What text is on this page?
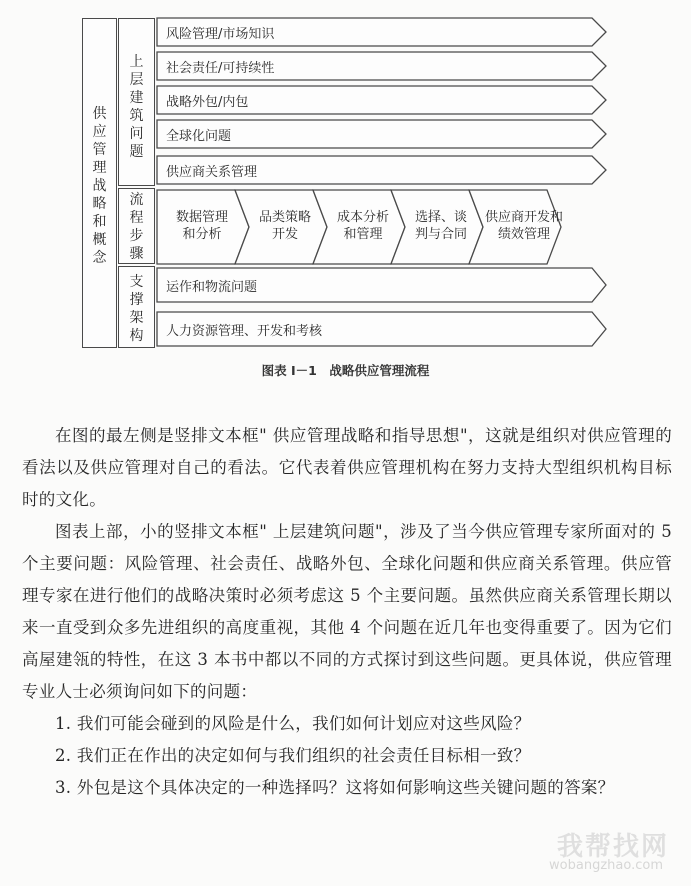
供
应
管
理
战
略
和
概
念
上
层
建
筑
问
题
流
程
步
骤
支
撑
架
构
风险管理/市场知识
社会责任/可持续性
战略外包/内包
全球化问题
供应商关系管理
运作和物流问题
人力资源管理、开发和考核
数据管理
和分析
品类策略
开发
成本分析
和管理
选择、谈
判与合同
供应商开发和
绩效管理
图表 I－1　战略供应管理流程

在图的最左侧是竖排文本框" 供应管理战略和指导思想"，这就是组织对供应管理的看法以及供应管理对自己的看法。它代表着供应管理机构在努力支持大型组织机构目标时的文化。

图表上部，小的竖排文本框" 上层建筑问题"，涉及了当今供应管理专家所面对的 5 个主要问题：风险管理、社会责任、战略外包、全球化问题和供应商关系管理。供应管理专家在进行他们的战略决策时必须考虑这 5 个主要问题。虽然供应商关系管理长期以来一直受到众多先进组织的高度重视，其他 4 个问题在近几年也变得重要了。因为它们高屋建瓴的特性，在这 3 本书中都以不同的方式探讨到这些问题。更具体说，供应管理专业人士必须询问如下的问题：

1. 我们可能会碰到的风险是什么，我们如何计划应对这些风险？

2. 我们正在作出的决定如何与我们组织的社会责任目标相一致？

3. 外包是这个具体决定的一种选择吗？这将如何影响这些关键问题的答案？

我帮找网
wobangzhao.com
